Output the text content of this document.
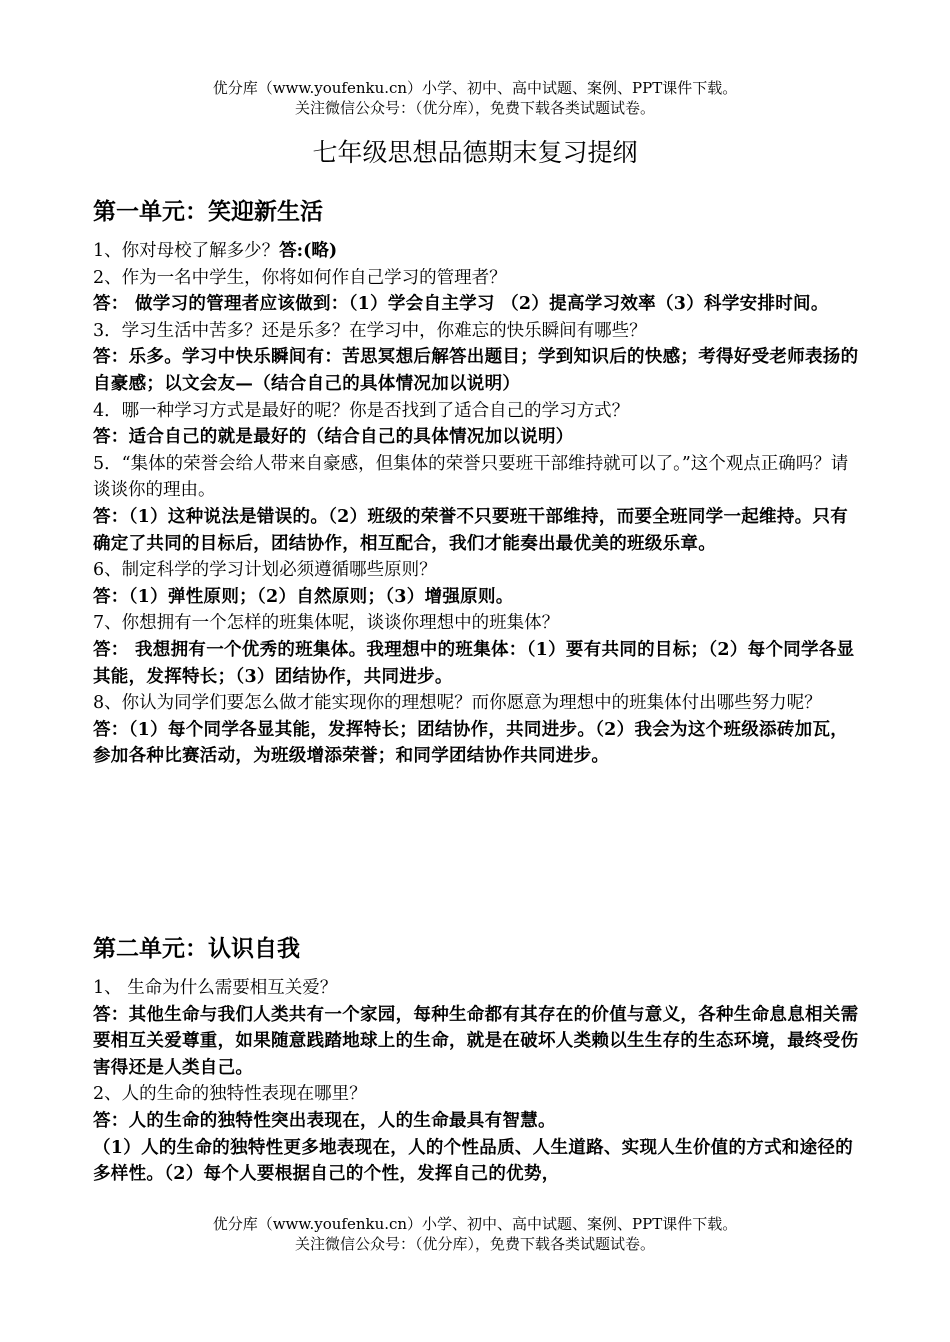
优分库（www.youfenku.cn）小学、初中、高中试题、案例、PPT课件下载。
关注微信公众号：（优分库），免费下载各类试题试卷。
七年级思想品德期末复习提纲
第一单元：笑迎新生活

1、你对母校了解多少？答:(略)

2、作为一名中学生，你将如何作自己学习的管理者？

答： 做学习的管理者应该做到：（1）学会自主学习 （2）提高学习效率（3）科学安排时间。

3．学习生活中苦多？还是乐多？在学习中，你难忘的快乐瞬间有哪些？

答：乐多。学习中快乐瞬间有：苦思冥想后解答出题目；学到知识后的快感；考得好受老师表扬的自豪感；以文会友—（结合自己的具体情况加以说明）

4．哪一种学习方式是最好的呢？你是否找到了适合自己的学习方式？

答：适合自己的就是最好的（结合自己的具体情况加以说明）

5．“集体的荣誉会给人带来自豪感，但集体的荣誉只要班干部维持就可以了。”这个观点正确吗？请谈谈你的理由。

答：（1）这种说法是错误的。（2）班级的荣誉不只要班干部维持，而要全班同学一起维持。只有确定了共同的目标后，团结协作，相互配合，我们才能奏出最优美的班级乐章。

6、制定科学的学习计划必须遵循哪些原则？

答：（1）弹性原则；（2）自然原则；（3）增强原则。

7、你想拥有一个怎样的班集体呢，谈谈你理想中的班集体？

答： 我想拥有一个优秀的班集体。我理想中的班集体：（1）要有共同的目标；（2）每个同学各显其能，发挥特长；（3）团结协作，共同进步。

8、你认为同学们要怎么做才能实现你的理想呢？而你愿意为理想中的班集体付出哪些努力呢？

答：（1）每个同学各显其能，发挥特长；团结协作，共同进步。（2）我会为这个班级添砖加瓦，参加各种比赛活动，为班级增添荣誉；和同学团结协作共同进步。

第二单元：认识自我

1、 生命为什么需要相互关爱？

答：其他生命与我们人类共有一个家园，每种生命都有其存在的价值与意义，各种生命息息相关需要相互关爱尊重，如果随意践踏地球上的生命，就是在破坏人类赖以生生存的生态环境，最终受伤害得还是人类自己。

2、人的生命的独特性表现在哪里？

答：人的生命的独特性突出表现在，人的生命最具有智慧。

（1）人的生命的独特性更多地表现在，人的个性品质、人生道路、实现人生价值的方式和途径的多样性。（2）每个人要根据自己的个性，发挥自己的优势，

优分库（www.youfenku.cn）小学、初中、高中试题、案例、PPT课件下载。
关注微信公众号：（优分库），免费下载各类试题试卷。
